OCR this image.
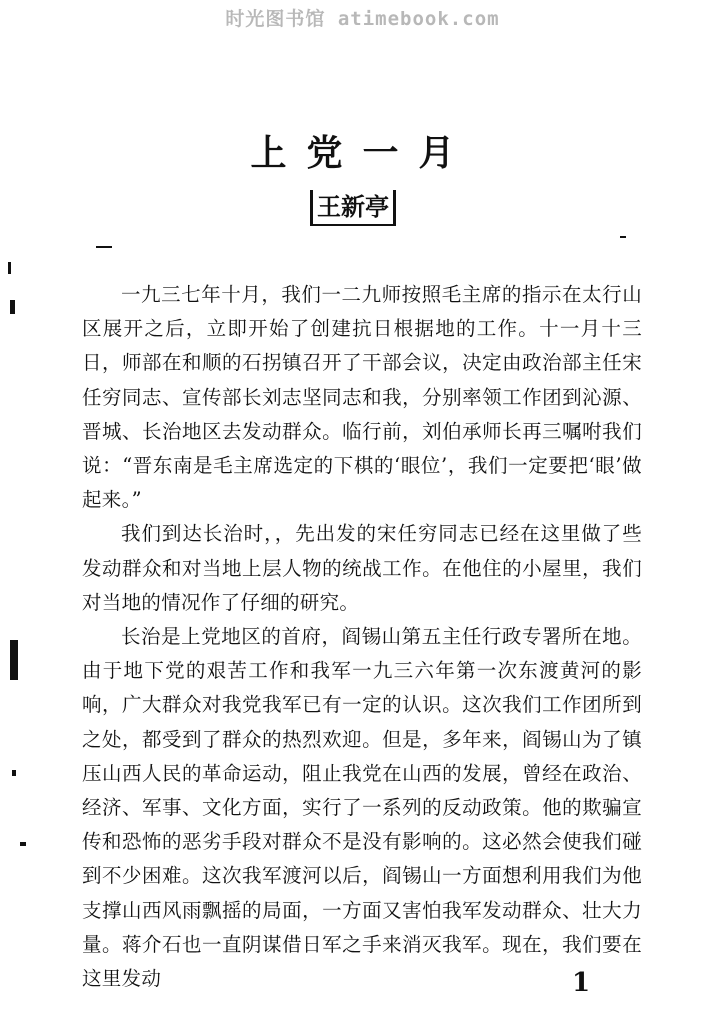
时光图书馆 atimebook.com
上党一月
王新亭

一九三七年十月，我们一二九师按照毛主席的指示在太行山区展开之后，立即开始了创建抗日根据地的工作。十一月十三日，师部在和顺的石拐镇召开了干部会议，决定由政治部主任宋任穷同志、宣传部长刘志坚同志和我，分别率领工作团到沁源、晋城、长治地区去发动群众。临行前，刘伯承师长再三嘱咐我们说：“晋东南是毛主席选定的下棋的‘眼位’，我们一定要把‘眼’做起来。”

我们到达长治时，，先出发的宋任穷同志已经在这里做了些发动群众和对当地上层人物的统战工作。在他住的小屋里，我们对当地的情况作了仔细的研究。

长治是上党地区的首府，阎锡山第五主任行政专署所在地。由于地下党的艰苦工作和我军一九三六年第一次东渡黄河的影响，广大群众对我党我军已有一定的认识。这次我们工作团所到之处，都受到了群众的热烈欢迎。但是，多年来，阎锡山为了镇压山西人民的革命运动，阻止我党在山西的发展，曾经在政治、经济、军事、文化方面，实行了一系列的反动政策。他的欺骗宣传和恐怖的恶劣手段对群众不是没有影响的。这必然会使我们碰到不少困难。这次我军渡河以后，阎锡山一方面想利用我们为他支撑山西风雨飘摇的局面，一方面又害怕我军发动群众、壮大力量。蒋介石也一直阴谋借日军之手来消灭我军。现在，我们要在这里发动	1
